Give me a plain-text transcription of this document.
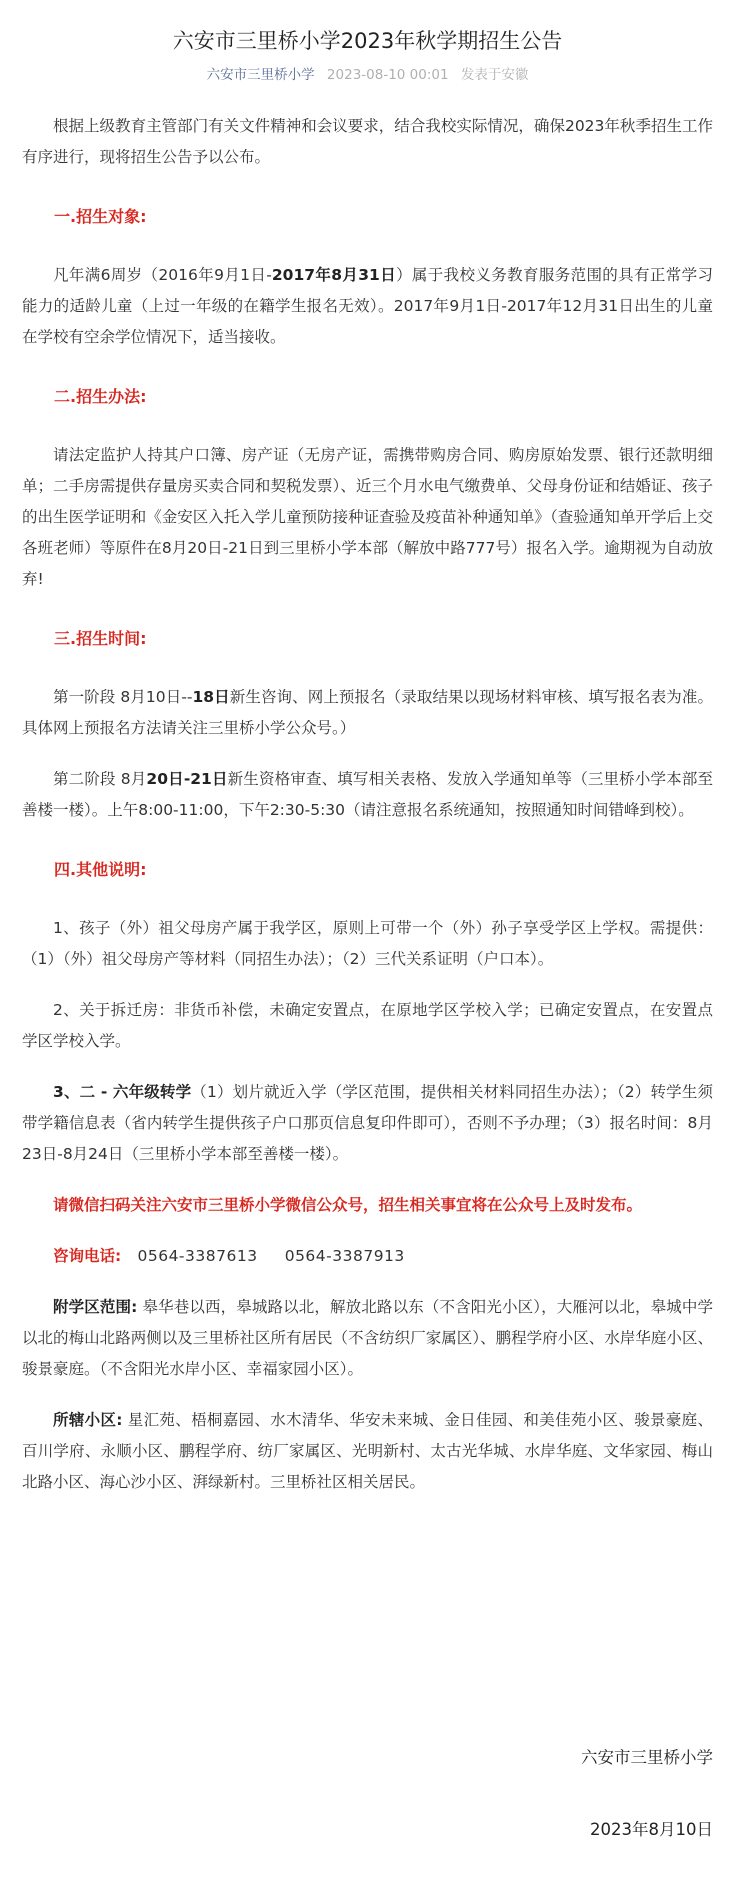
六安市三里桥小学2023年秋学期招生公告
六安市三里桥小学 2023-08-10 00:01 发表于安徽

根据上级教育主管部门有关文件精神和会议要求，结合我校实际情况，确保2023年秋季招生工作有序进行，现将招生公告予以公布。

一.招生对象:

凡年满6周岁（2016年9月1日-2017年8月31日）属于我校义务教育服务范围的具有正常学习能力的适龄儿童（上过一年级的在籍学生报名无效）。2017年9月1日-2017年12月31日出生的儿童在学校有空余学位情况下，适当接收。

二.招生办法:

请法定监护人持其户口簿、房产证（无房产证，需携带购房合同、购房原始发票、银行还款明细单；二手房需提供存量房买卖合同和契税发票）、近三个月水电气缴费单、父母身份证和结婚证、孩子的出生医学证明和《金安区入托入学儿童预防接种证查验及疫苗补种通知单》（查验通知单开学后上交各班老师）等原件在8月20日-21日到三里桥小学本部（解放中路777号）报名入学。逾期视为自动放弃!

三.招生时间:

第一阶段 8月10日--18日新生咨询、网上预报名（录取结果以现场材料审核、填写报名表为准。具体网上预报名方法请关注三里桥小学公众号。）

第二阶段 8月20日-21日新生资格审查、填写相关表格、发放入学通知单等（三里桥小学本部至善楼一楼）。上午8:00-11:00，下午2:30-5:30（请注意报名系统通知，按照通知时间错峰到校）。

四.其他说明:

1、孩子（外）祖父母房产属于我学区，原则上可带一个（外）孙子享受学区上学权。需提供：（1）（外）祖父母房产等材料（同招生办法）；（2）三代关系证明（户口本）。

2、关于拆迁房：非货币补偿，未确定安置点，在原地学区学校入学；已确定安置点，在安置点学区学校入学。

3、二 - 六年级转学（1）划片就近入学（学区范围，提供相关材料同招生办法）；（2）转学生须带学籍信息表（省内转学生提供孩子户口那页信息复印件即可），否则不予办理；（3）报名时间：8月23日-8月24日（三里桥小学本部至善楼一楼）。

请微信扫码关注六安市三里桥小学微信公众号，招生相关事宜将在公众号上及时发布。

咨询电话: 0564-3387613 0564-3387913

附学区范围: 皋华巷以西，皋城路以北，解放北路以东（不含阳光小区），大雁河以北，皋城中学以北的梅山北路两侧以及三里桥社区所有居民（不含纺织厂家属区）、鹏程学府小区、水岸华庭小区、骏景豪庭。（不含阳光水岸小区、幸福家园小区）。

所辖小区: 星汇苑、梧桐嘉园、水木清华、华安未来城、金日佳园、和美佳苑小区、骏景豪庭、百川学府、永顺小区、鹏程学府、纺厂家属区、光明新村、太古光华城、水岸华庭、文华家园、梅山北路小区、海心沙小区、湃绿新村。三里桥社区相关居民。

六安市三里桥小学
2023年8月10日
